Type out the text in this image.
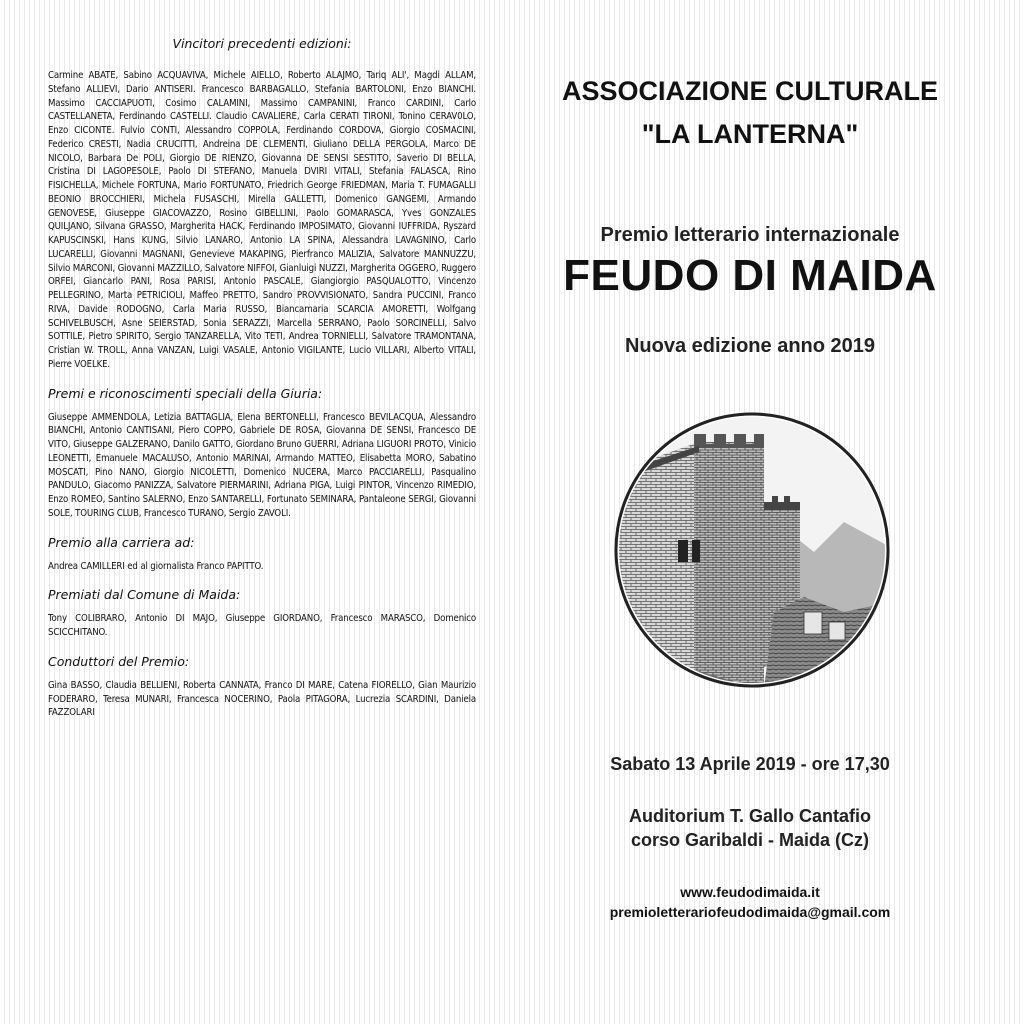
Vincitori precedenti edizioni:

Carmine ABATE, Sabino ACQUAVIVA, Michele AIELLO, Roberto ALAJMO, Tariq ALI', Magdi ALLAM, Stefano ALLIEVI, Dario ANTISERI. Francesco BARBAGALLO, Stefania BARTOLONI, Enzo BIANCHI. Massimo CACCIAPUOTI, Cosimo CALAMINI, Massimo CAMPANINI, Franco CARDINI, Carlo CASTELLANETA, Ferdinando CASTELLI. Claudio CAVALIERE, Carla CERATI TIRONI, Tonino CERAV0LO, Enzo CICONTE. Fulvio CONTI, Alessandro COPPOLA, Ferdinando CORDOVA, Giorgio COSMACINI, Federico CRESTI, Nadia CRUCITTI, Andreina DE CLEMENTI, Giuliano DELLA PERGOLA, Marco DE NICOLO, Barbara De POLI, Giorgio DE RIENZO, Giovanna DE SENSI SESTITO, Saverio DI BELLA, Cristina DI LAGOPESOLE, Paolo DI STEFANO, Manuela DVIRI VITALI, Stefania FALASCA, Rino FISICHELLA, Michele FORTUNA, Mario FORTUNATO, Friedrich George FRIEDMAN, Maria T. FUMAGALLI BEONIO BROCCHIERI, Michela FUSASCHI, Mirella GALLETTI, Domenico GANGEMI, Armando GENOVESE, Giuseppe GIACOVAZZO, Rosino GIBELLINI, Paolo GOMARASCA, Yves GONZALES QUILJANO, Silvana GRASSO, Margherita HACK, Ferdinando IMPOSIMATO, Giovanni IUFFRIDA, Ryszard KAPUSCINSKI, Hans KUNG, Silvio LANARO, Antonio LA SPINA, Alessandra LAVAGNINO, Carlo LUCARELLI, Giovanni MAGNANI, Genevieve MAKAPING, Pierfranco MALIZIA, Salvatore MANNUZZU, Silvio MARCONI, Giovanni MAZZILLO, Salvatore NIFFOI, Gianluigi NUZZI, Margherita OGGERO, Ruggero ORFEI, Giancarlo PANI, Rosa PARISI, Antonio PASCALE, Giangiorgio PASQUALOTTO, Vincenzo PELLEGRINO, Marta PETRICIOLI, Maffeo PRETTO, Sandro PROVVISIONATO, Sandra PUCCINI, Franco RIVA, Davide RODOGNO, Carla Maria RUSSO, Biancamaria SCARCIA AMORETTI, Wolfgang SCHIVELBUSCH, Asne SEIERSTAD, Sonia SERAZZI, Marcella SERRANO, Paolo SORCINELLI, Salvo SOTTILE, Pietro SPIRITO, Sergio TANZARELLA, Vito TETI, Andrea TORNIELLI, Salvatore TRAMONTANA, Cristian W. TROLL, Anna VANZAN, Luigi VASALE, Antonio VIGILANTE, Lucio VILLARI, Alberto VITALI, Pierre VOELKE.

Premi e riconoscimenti speciali della Giuria:

Giuseppe AMMENDOLA, Letizia BATTAGLIA, Elena BERTONELLI, Francesco BEVILACQUA, Alessandro BIANCHI, Antonio CANTISANI, Piero COPPO, Gabriele DE ROSA, Giovanna DE SENSI, Francesco DE VITO, Giuseppe GALZERANO, Danilo GATTO, Giordano Bruno GUERRI, Adriana LIGUORI PROTO, Vinicio LEONETTI, Emanuele MACALUSO, Antonio MARINAI, Armando MATTEO, Elisabetta MORO, Sabatino MOSCATI, Pino NANO, Giorgio NICOLETTI, Domenico NUCERA, Marco PACCIARELLI, Pasqualino PANDULO, Giacomo PANIZZA, Salvatore PIERMARINI, Adriana PIGA, Luigi PINTOR, Vincenzo RIMEDIO, Enzo ROMEO, Santino SALERNO, Enzo SANTARELLI, Fortunato SEMINARA, Pantaleone SERGI, Giovanni SOLE, TOURING CLUB, Francesco TURANO, Sergio ZAVOLI.

Premio alla carriera ad:

Andrea CAMILLERI ed al giornalista Franco PAPITTO.

Premiati dal Comune di Maida:

Tony COLIBRARO, Antonio DI MAJO, Giuseppe GIORDANO, Francesco MARASCO, Domenico SCICCHITANO.

Conduttori del Premio:

Gina BASSO, Claudia BELLIENI, Roberta CANNATA, Franco DI MARE, Catena FIORELLO, Gian Maurizio FODERARO, Teresa MUNARI, Francesca NOCERINO, Paola PITAGORA, Lucrezia SCARDINI, Daniela FAZZOLARI

ASSOCIAZIONE CULTURALE
"LA LANTERNA"
Premio letterario internazionale
FEUDO DI MAIDA
Nuova edizione anno 2019
Sabato 13 Aprile 2019 - ore 17,30
Auditorium T. Gallo Cantafio
corso Garibaldi - Maida (Cz)
www.feudodimaida.it
premioletterariofeudodimaida@gmail.com
